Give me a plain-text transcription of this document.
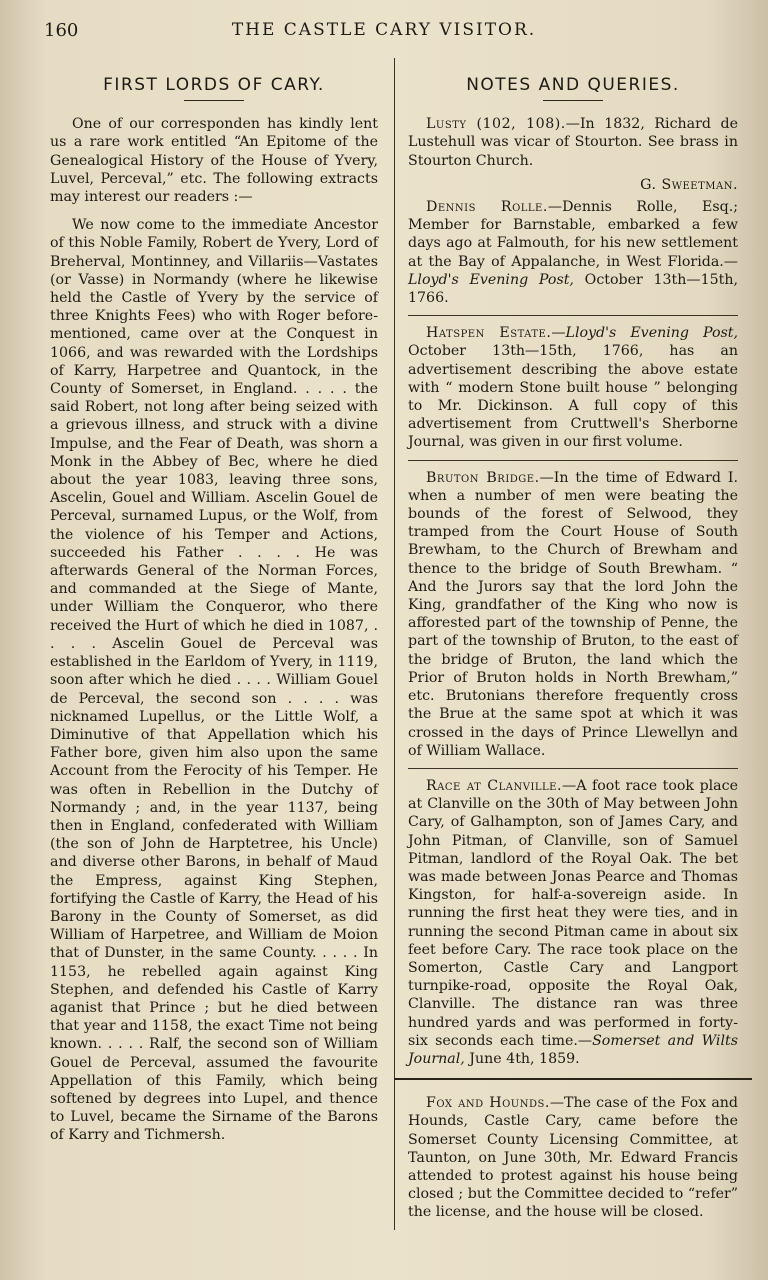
160	THE CASTLE CARY VISITOR.
FIRST LORDS OF CARY.

One of our corresponden has kindly lent us a rare work entitled “An Epitome of the Genealogical History of the House of Yvery, Luvel, Perceval,” etc. The following extracts may interest our readers :—

We now come to the immediate Ancestor of this Noble Family, Robert de Yvery, Lord of Breherval, Montinney, and Villariis—Vastates (or Vasse) in Normandy (where he likewise held the Castle of Yvery by the service of three Knights Fees) who with Roger before-mentioned, came over at the Conquest in 1066, and was rewarded with the Lordships of Karry, Harpetree and Quantock, in the County of Somerset, in England. . . . . the said Robert, not long after being seized with a grievous illness, and struck with a divine Impulse, and the Fear of Death, was shorn a Monk in the Abbey of Bec, where he died about the year 1083, leaving three sons, Ascelin, Gouel and William. Ascelin Gouel de Perceval, surnamed Lupus, or the Wolf, from the violence of his Temper and Actions, succeeded his Father . . . . He was afterwards General of the Norman Forces, and commanded at the Siege of Mante, under William the Conqueror, who there received the Hurt of which he died in 1087, . . . . Ascelin Gouel de Perceval was established in the Earldom of Yvery, in 1119, soon after which he died . . . . William Gouel de Perceval, the second son . . . . was nicknamed Lupellus, or the Little Wolf, a Diminutive of that Appellation which his Father bore, given him also upon the same Account from the Ferocity of his Temper. He was often in Rebellion in the Dutchy of Normandy ; and, in the year 1137, being then in England, confederated with William (the son of John de Harptetree, his Uncle) and diverse other Barons, in behalf of Maud the Empress, against King Stephen, fortifying the Castle of Karry, the Head of his Barony in the County of Somerset, as did William of Harpetree, and William de Moion that of Dunster, in the same County. . . . . In 1153, he rebelled again against King Stephen, and defended his Castle of Karry aganist that Prince ; but he died between that year and 1158, the exact Time not being known. . . . . Ralf, the second son of William Gouel de Perceval, assumed the favourite Appellation of this Family, which being softened by degrees into Lupel, and thence to Luvel, became the Sirname of the Barons of Karry and Tichmersh.

NOTES AND QUERIES.

Lusty (102, 108).—In 1832, Richard de Lustehull was vicar of Stourton. See brass in Stourton Church.

G. Sweetman.

Dennis Rolle.—Dennis Rolle, Esq.; Member for Barnstable, embarked a few days ago at Falmouth, for his new settlement at the Bay of Appalanche, in West Florida.—Lloyd's Evening Post, October 13th—15th, 1766.

Hatspen Estate.—Lloyd's Evening Post, October 13th—15th, 1766, has an advertisement describing the above estate with “ modern Stone built house ” belonging to Mr. Dickinson. A full copy of this advertisement from Cruttwell's Sherborne Journal, was given in our first volume.

Bruton Bridge.—In the time of Edward I. when a number of men were beating the bounds of the forest of Selwood, they tramped from the Court House of South Brewham, to the Church of Brewham and thence to the bridge of South Brewham. “ And the Jurors say that the lord John the King, grandfather of the King who now is afforested part of the township of Penne, the part of the township of Bruton, to the east of the bridge of Bruton, the land which the Prior of Bruton holds in North Brewham,” etc. Brutonians therefore frequently cross the Brue at the same spot at which it was crossed in the days of Prince Llewellyn and of William Wallace.

Race at Clanville.—A foot race took place at Clanville on the 30th of May between John Cary, of Galhampton, son of James Cary, and John Pitman, of Clanville, son of Samuel Pitman, landlord of the Royal Oak. The bet was made between Jonas Pearce and Thomas Kingston, for half-a-sovereign aside. In running the first heat they were ties, and in running the second Pitman came in about six feet before Cary. The race took place on the Somerton, Castle Cary and Langport turnpike-road, opposite the Royal Oak, Clanville. The distance ran was three hundred yards and was performed in forty-six seconds each time.—Somerset and Wilts Journal, June 4th, 1859.

Fox and Hounds.—The case of the Fox and Hounds, Castle Cary, came before the Somerset County Licensing Committee, at Taunton, on June 30th, Mr. Edward Francis attended to protest against his house being closed ; but the Committee decided to “refer” the license, and the house will be closed.
